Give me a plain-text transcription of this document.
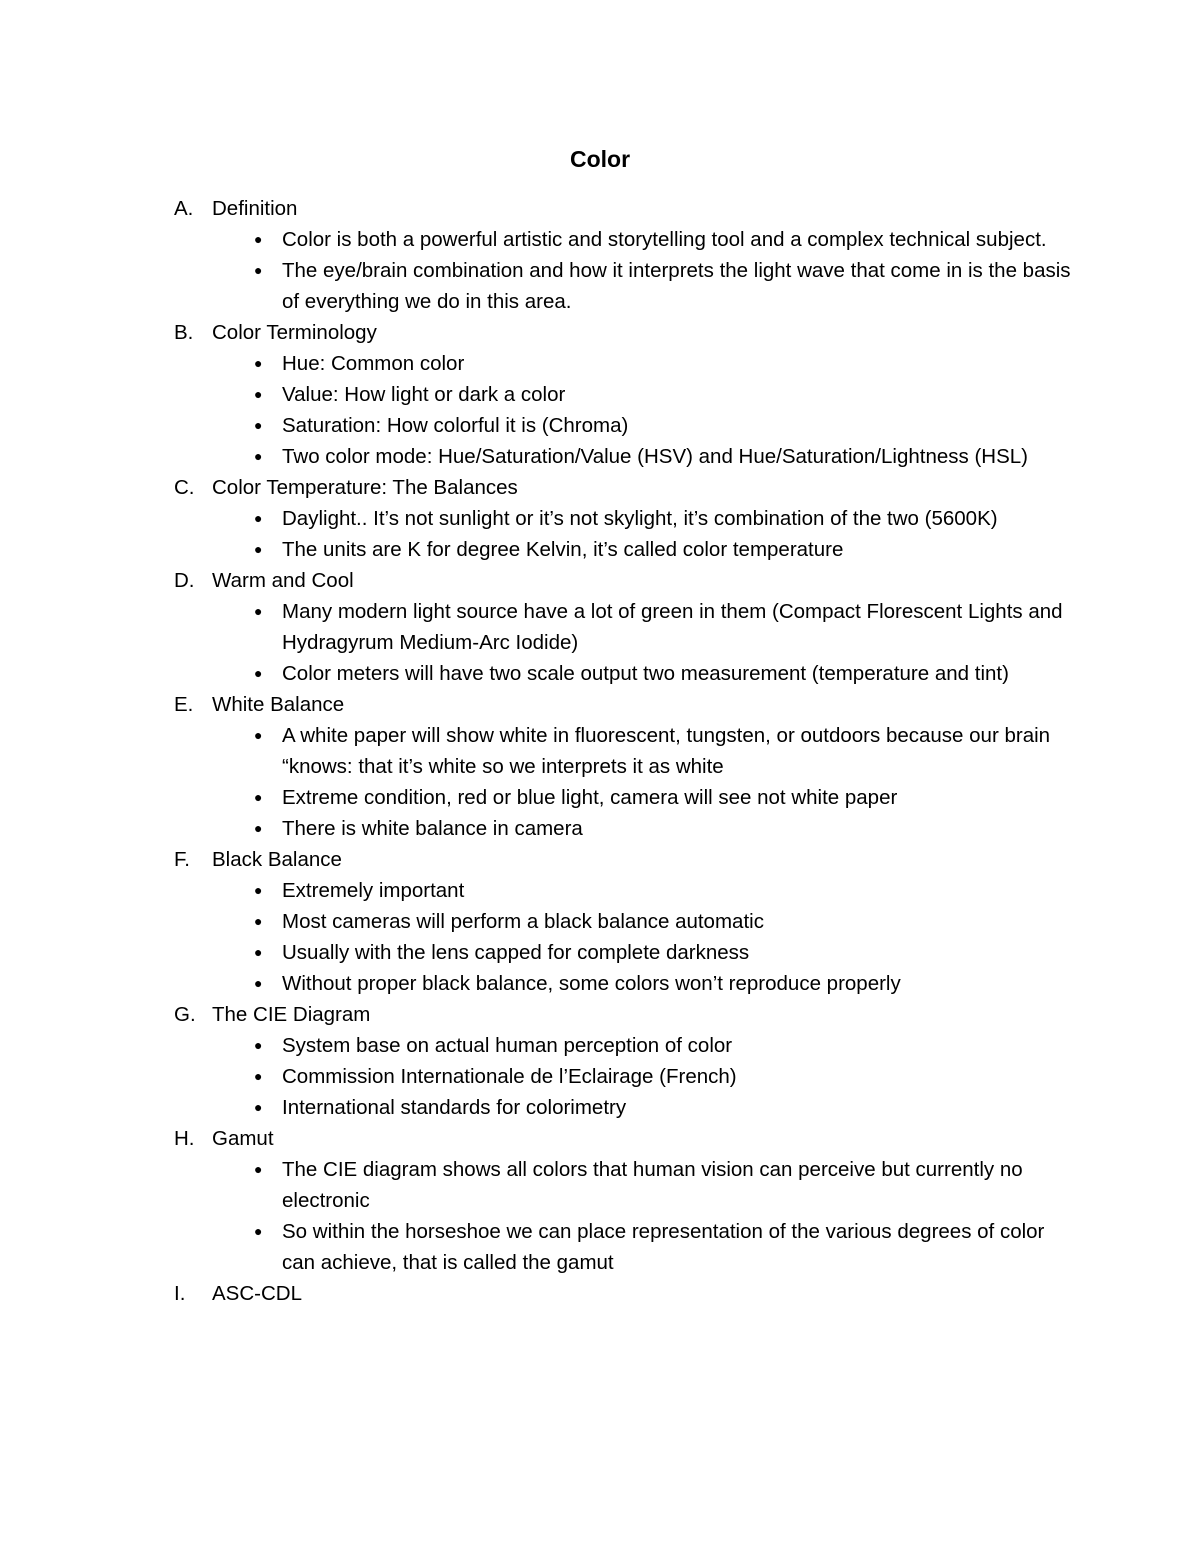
Color
A. Definition
● Color is both a powerful artistic and storytelling tool and a complex technical subject.
● The eye/brain combination and how it interprets the light wave that come in is the basis of everything we do in this area.
B. Color Terminology
● Hue: Common color
● Value: How light or dark a color
● Saturation: How colorful it is (Chroma)
● Two color mode: Hue/Saturation/Value (HSV) and Hue/Saturation/Lightness (HSL)
C. Color Temperature: The Balances
● Daylight.. It’s not sunlight or it’s not skylight, it’s combination of the two (5600K)
● The units are K for degree Kelvin, it’s called color temperature
D. Warm and Cool
● Many modern light source have a lot of green in them (Compact Florescent Lights and Hydragyrum Medium-Arc Iodide)
● Color meters will have two scale output two measurement (temperature and tint)
E. White Balance
● A white paper will show white in fluorescent, tungsten, or outdoors because our brain “knows: that it’s white so we interprets it as white
● Extreme condition, red or blue light, camera will see not white paper
● There is white balance in camera
F. Black Balance
● Extremely important
● Most cameras will perform a black balance automatic
● Usually with the lens capped for complete darkness
● Without proper black balance, some colors won’t reproduce properly
G. The CIE Diagram
● System base on actual human perception of color
● Commission Internationale de l’Eclairage (French)
● International standards for colorimetry
H. Gamut
● The CIE diagram shows all colors that human vision can perceive but currently no electronic
● So within the horseshoe we can place representation of the various degrees of color can achieve, that is called the gamut
I. ASC-CDL
